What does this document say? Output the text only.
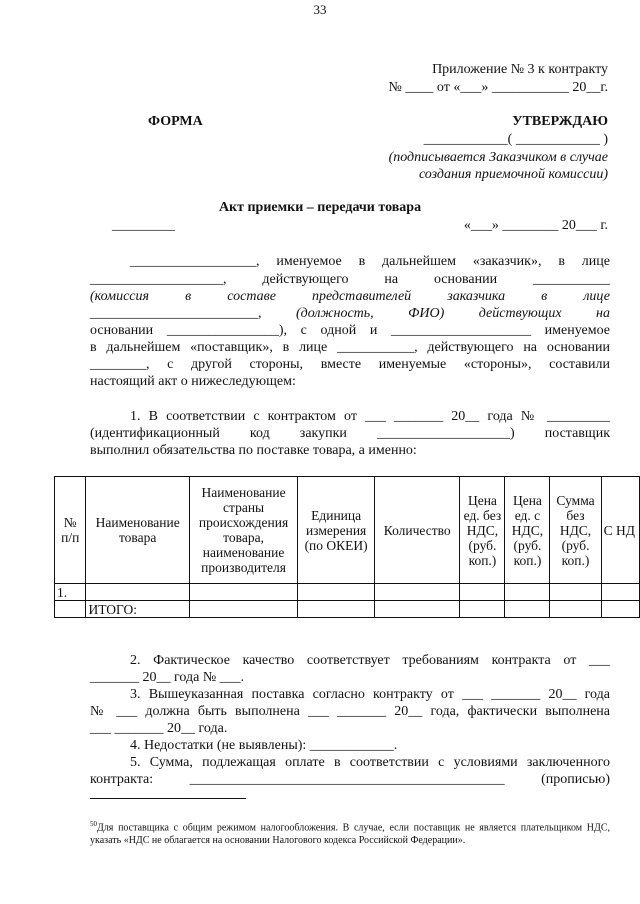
33
Приложение № 3 к контракту
№ ____ от «___» ___________ 20__г.
ФОРМА	УТВЕРЖДАЮ
____________( ____________ )
(подписывается Заказчиком в случае
создания приемочной комиссии)
Акт приемки – передачи товара
_________	«___» ________ 20___ г.
__________________, именуемое в дальнейшем «заказчик», в лице
___________________, действующего на основании ___________
(комиссия в составе представителей заказчика в лице
________________________, (должность, ФИО) действующих на
основании ________________), с одной и ____________________ именуемое
в дальнейшем «поставщик», в лице ___________, действующего на основании
________, с другой стороны, вместе именуемые «стороны», составили
настоящий акт о нижеследующем:
1. В соответствии с контрактом от ___ _______ 20__ года № _________
(идентификационный код закупки ___________________) поставщик
выполнил обязательства по поставке товара, а именно:
№ п/п	Наименование товара	Наименование страны происхождения товара, наименование производителя	Единица измерения (по ОКЕИ)	Количество	Цена ед. без НДС, (руб. коп.)	Цена ед. с НДС, (руб. коп.)	Сумма без НДС, (руб. коп.)	С НД
1.								
	ИТОГО:							
2. Фактическое качество соответствует требованиям контракта от ___
_______ 20__ года № ___.
3. Вышеуказанная поставка согласно контракту от ___ _______ 20__ года
№ ___ должна быть выполнена ___ _______ 20__ года, фактически выполнена
___ _______ 20__ года.
4. Недостатки (не выявлены): ____________.
5. Сумма, подлежащая оплате в соответствии с условиями заключенного
контракта: _____________________________________________ (прописью)
$^{50}$Для поставщика с общим режимом налогообложения. В случае, если поставщик не является плательщиком НДС, указать «НДС не облагается на основании Налогового кодекса Российской Федерации».
